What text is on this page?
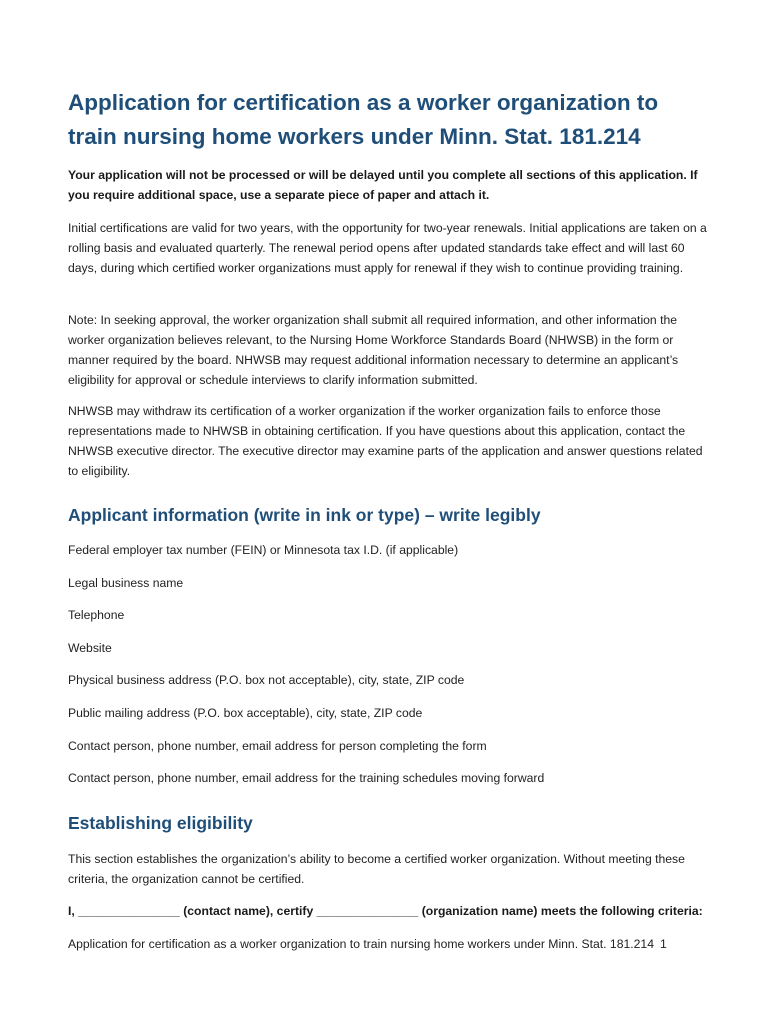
Application for certification as a worker organization to train nursing home workers under Minn. Stat. 181.214

Your application will not be processed or will be delayed until you complete all sections of this application. If you require additional space, use a separate piece of paper and attach it.

Initial certifications are valid for two years, with the opportunity for two-year renewals. Initial applications are taken on a rolling basis and evaluated quarterly. The renewal period opens after updated standards take effect and will last 60 days, during which certified worker organizations must apply for renewal if they wish to continue providing training.

Note: In seeking approval, the worker organization shall submit all required information, and other information the worker organization believes relevant, to the Nursing Home Workforce Standards Board (NHWSB) in the form or manner required by the board. NHWSB may request additional information necessary to determine an applicant’s eligibility for approval or schedule interviews to clarify information submitted.

NHWSB may withdraw its certification of a worker organization if the worker organization fails to enforce those representations made to NHWSB in obtaining certification. If you have questions about this application, contact the NHWSB executive director. The executive director may examine parts of the application and answer questions related to eligibility.

Applicant information (write in ink or type) – write legibly
Federal employer tax number (FEIN) or Minnesota tax I.D. (if applicable)
Legal business name
Telephone
Website
Physical business address (P.O. box not acceptable), city, state, ZIP code
Public mailing address (P.O. box acceptable), city, state, ZIP code
Contact person, phone number, email address for person completing the form
Contact person, phone number, email address for the training schedules moving forward
Establishing eligibility

This section establishes the organization’s ability to become a certified worker organization. Without meeting these criteria, the organization cannot be certified.

I, _______________ (contact name), certify _______________ (organization name) meets the following criteria:

Application for certification as a worker organization to train nursing home workers under Minn. Stat. 181.214 1
